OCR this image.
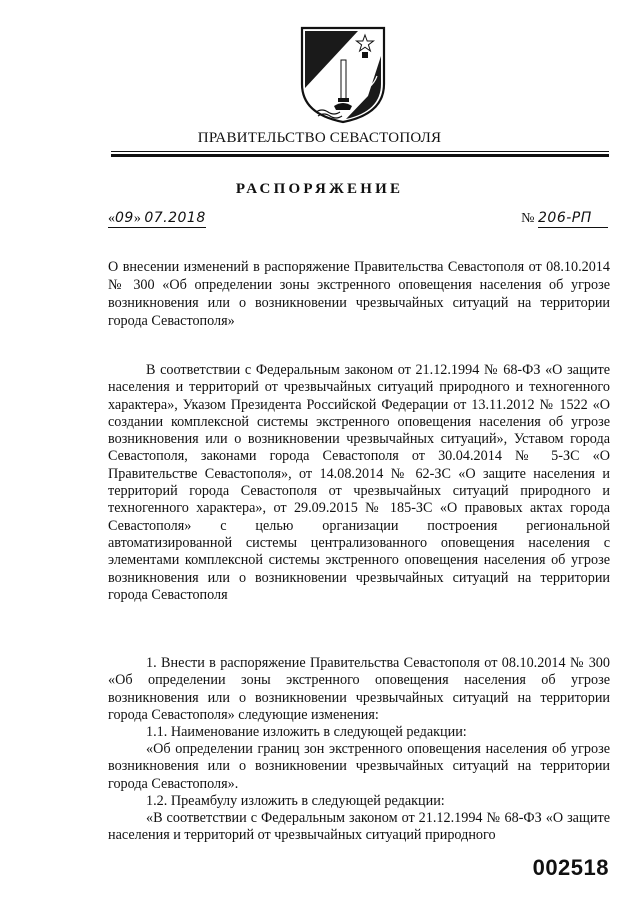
ПРАВИТЕЛЬСТВО СЕВАСТОПОЛЯ
РАСПОРЯЖЕНИЕ
«09» 07.2018	№ 206-РП
О внесении изменений в распоряжение Правительства Севастополя от 08.10.2014 № 300 «Об определении зоны экстренного оповещения населения об угрозе возникновения или о возникновении чрезвычайных ситуаций на территории города Севастополя»

В соответствии с Федеральным законом от 21.12.1994 № 68-ФЗ «О защите населения и территорий от чрезвычайных ситуаций природного и техногенного характера», Указом Президента Российской Федерации от 13.11.2012 № 1522 «О создании комплексной системы экстренного оповещения населения об угрозе возникновения или о возникновении чрезвычайных ситуаций», Уставом города Севастополя, законами города Севастополя от 30.04.2014 № 5-ЗС «О Правительстве Севастополя», от 14.08.2014 № 62-ЗС «О защите населения и территорий города Севастополя от чрезвычайных ситуаций природного и техногенного характера», от 29.09.2015 № 185-ЗС «О правовых актах города Севастополя» с целью организации построения региональной автоматизированной системы централизованного оповещения населения с элементами комплексной системы экстренного оповещения населения об угрозе возникновения или о возникновении чрезвычайных ситуаций на территории города Севастополя

1. Внести в распоряжение Правительства Севастополя от 08.10.2014 № 300 «Об определении зоны экстренного оповещения населения об угрозе возникновения или о возникновении чрезвычайных ситуаций на территории города Севастополя» следующие изменения:

1.1. Наименование изложить в следующей редакции:

«Об определении границ зон экстренного оповещения населения об угрозе возникновения или о возникновении чрезвычайных ситуаций на территории города Севастополя».

1.2. Преамбулу изложить в следующей редакции:

«В соответствии с Федеральным законом от 21.12.1994 № 68-ФЗ «О защите населения и территорий от чрезвычайных ситуаций природного

002518
